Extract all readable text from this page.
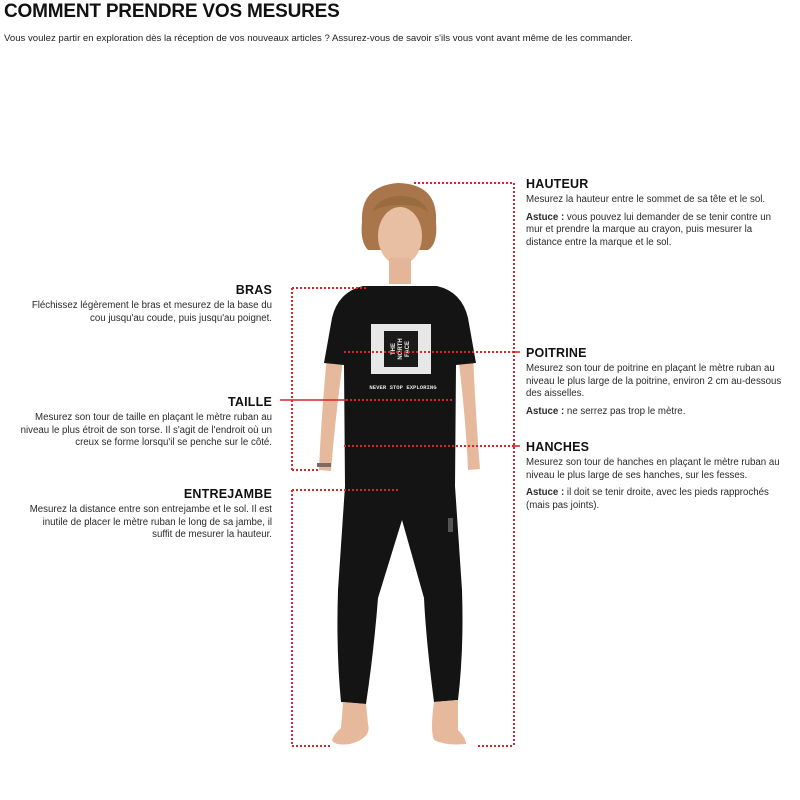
COMMENT PRENDRE VOS MESURES

Vous voulez partir en exploration dès la réception de vos nouveaux articles ? Assurez-vous de savoir s'ils vous vont avant même de les commander.

THE NORTH FACE
NEVER STOP EXPLORING
HAUTEUR

Mesurez la hauteur entre le sommet de sa tête et le sol.

Astuce : vous pouvez lui demander de se tenir contre un mur et prendre la marque au crayon, puis mesurer la distance entre la marque et le sol.

POITRINE

Mesurez son tour de poitrine en plaçant le mètre ruban au niveau le plus large de la poitrine, environ 2 cm au-dessous des aisselles.

Astuce : ne serrez pas trop le mètre.

HANCHES

Mesurez son tour de hanches en plaçant le mètre ruban au niveau le plus large de ses hanches, sur les fesses.

Astuce : il doit se tenir droite, avec les pieds rapprochés (mais pas joints).

BRAS

Fléchissez légèrement le bras et mesurez de la base du cou jusqu'au coude, puis jusqu'au poignet.

TAILLE

Mesurez son tour de taille en plaçant le mètre ruban au niveau le plus étroit de son torse. Il s'agit de l'endroit où un creux se forme lorsqu'il se penche sur le côté.

ENTREJAMBE

Mesurez la distance entre son entrejambe et le sol. Il est inutile de placer le mètre ruban le long de sa jambe, il suffit de mesurer la hauteur.
